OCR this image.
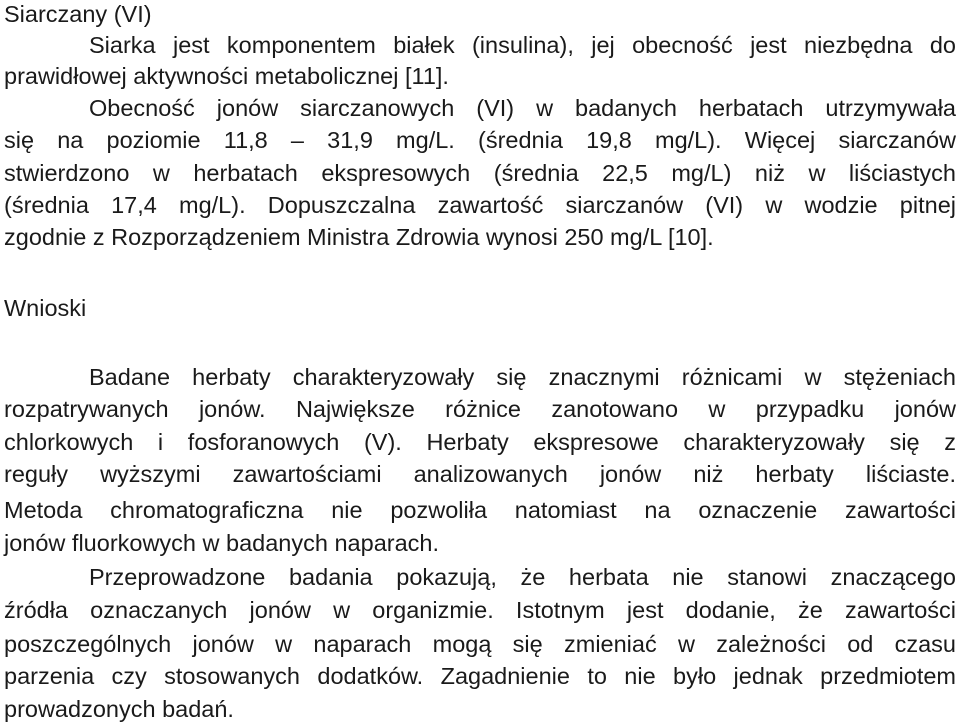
Siarczany (VI)
Siarka jest komponentem białek (insulina), jej obecność jest niezbędna do
prawidłowej aktywności metabolicznej [11].
Obecność jonów siarczanowych (VI) w badanych herbatach utrzymywała
się na poziomie 11,8 – 31,9 mg/L. (średnia 19,8 mg/L). Więcej siarczanów
stwierdzono w herbatach ekspresowych (średnia 22,5 mg/L) niż w liściastych
(średnia 17,4 mg/L). Dopuszczalna zawartość siarczanów (VI) w wodzie pitnej
zgodnie z Rozporządzeniem Ministra Zdrowia wynosi 250 mg/L [10].
Wnioski
Badane herbaty charakteryzowały się znacznymi różnicami w stężeniach
rozpatrywanych jonów. Największe różnice zanotowano w przypadku jonów
chlorkowych i fosforanowych (V). Herbaty ekspresowe charakteryzowały się z
reguły wyższymi zawartościami analizowanych jonów niż herbaty liściaste.
Metoda chromatograficzna nie pozwoliła natomiast na oznaczenie zawartości
jonów fluorkowych w badanych naparach.
Przeprowadzone badania pokazują, że herbata nie stanowi znaczącego
źródła oznaczanych jonów w organizmie. Istotnym jest dodanie, że zawartości
poszczególnych jonów w naparach mogą się zmieniać w zależności od czasu
parzenia czy stosowanych dodatków. Zagadnienie to nie było jednak przedmiotem
prowadzonych badań.
